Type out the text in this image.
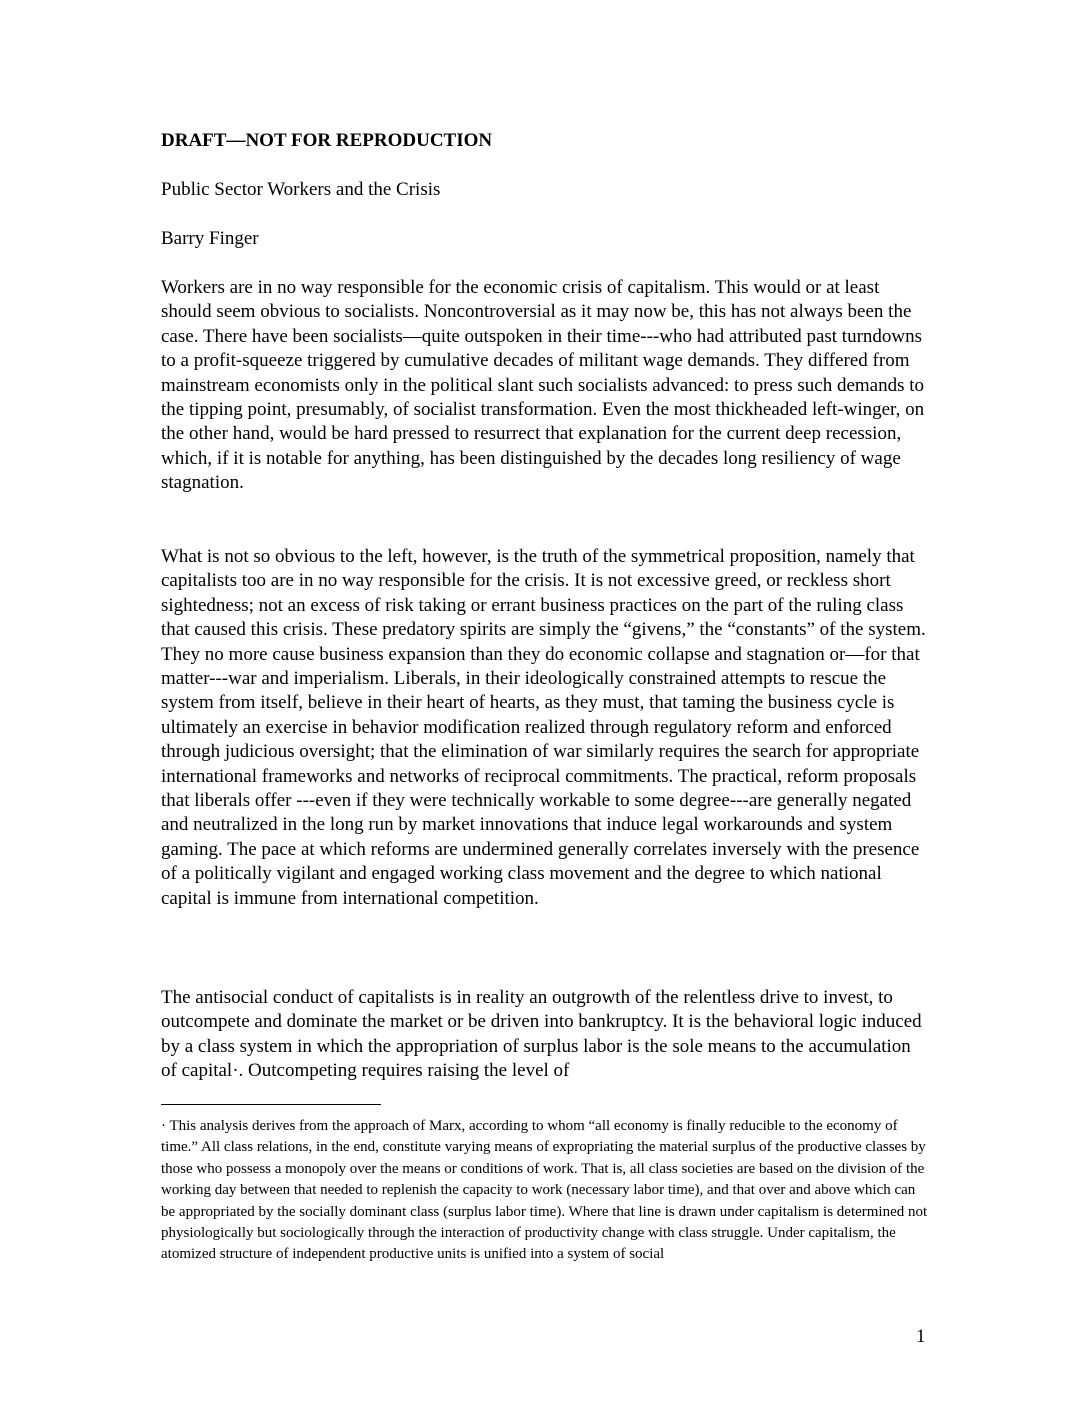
DRAFT—NOT FOR REPRODUCTION

Public Sector Workers and the Crisis

Barry Finger

Workers are in no way responsible for the economic crisis of capitalism. This would or at least should seem obvious to socialists. Noncontroversial as it may now be, this has not always been the case. There have been socialists—quite outspoken in their time---who had attributed past turndowns to a profit-squeeze triggered by cumulative decades of militant wage demands. They differed from mainstream economists only in the political slant such socialists advanced: to press such demands to the tipping point, presumably, of socialist transformation. Even the most thickheaded left-winger, on the other hand, would be hard pressed to resurrect that explanation for the current deep recession, which, if it is notable for anything, has been distinguished by the decades long resiliency of wage stagnation.

What is not so obvious to the left, however, is the truth of the symmetrical proposition, namely that capitalists too are in no way responsible for the crisis. It is not excessive greed, or reckless short sightedness; not an excess of risk taking or errant business practices on the part of the ruling class that caused this crisis. These predatory spirits are simply the “givens,” the “constants” of the system. They no more cause business expansion than they do economic collapse and stagnation or—for that matter---war and imperialism. Liberals, in their ideologically constrained attempts to rescue the system from itself, believe in their heart of hearts, as they must, that taming the business cycle is ultimately an exercise in behavior modification realized through regulatory reform and enforced through judicious oversight; that the elimination of war similarly requires the search for appropriate international frameworks and networks of reciprocal commitments. The practical, reform proposals that liberals offer ---even if they were technically workable to some degree---are generally negated and neutralized in the long run by market innovations that induce legal workarounds and system gaming. The pace at which reforms are undermined generally correlates inversely with the presence of a politically vigilant and engaged working class movement and the degree to which national capital is immune from international competition.

The antisocial conduct of capitalists is in reality an outgrowth of the relentless drive to invest, to outcompete and dominate the market or be driven into bankruptcy. It is the behavioral logic induced by a class system in which the appropriation of surplus labor is the sole means to the accumulation of capital·. Outcompeting requires raising the level of

· This analysis derives from the approach of Marx, according to whom “all economy is finally reducible to the economy of time.” All class relations, in the end, constitute varying means of expropriating the material surplus of the productive classes by those who possess a monopoly over the means or conditions of work. That is, all class societies are based on the division of the working day between that needed to replenish the capacity to work (necessary labor time), and that over and above which can be appropriated by the socially dominant class (surplus labor time). Where that line is drawn under capitalism is determined not physiologically but sociologically through the interaction of productivity change with class struggle. Under capitalism, the atomized structure of independent productive units is unified into a system of social

1
